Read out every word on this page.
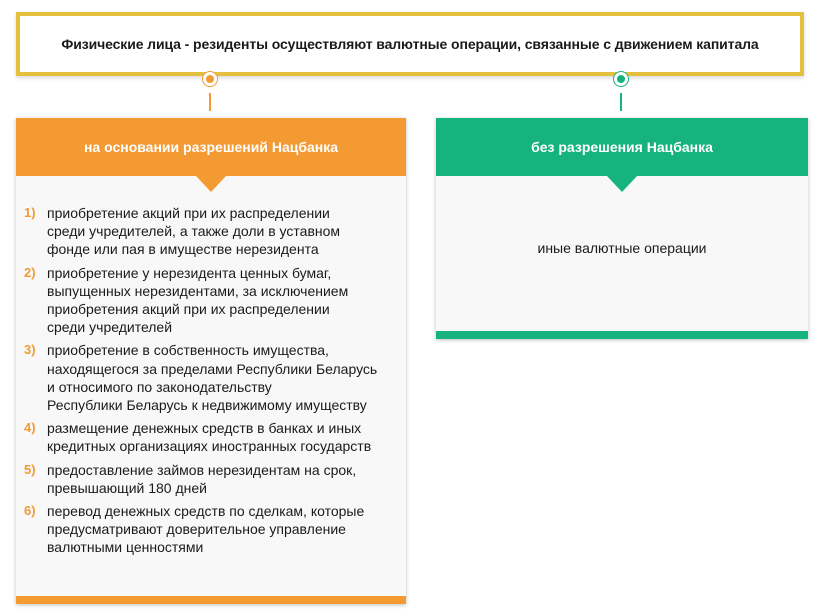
Физические лица - резиденты осуществляют валютные операции, связанные с движением капитала
на основании разрешений Нацбанка
1) приобретение акций при их распределении
среди учредителей, а также доли в уставном
фонде или пая в имуществе нерезидента
2) приобретение у нерезидента ценных бумаг,
выпущенных нерезидентами, за исключением
приобретения акций при их распределении
среди учредителей
3) приобретение в собственность имущества,
находящегося за пределами Республики Беларусь
и относимого по законодательству
Республики Беларусь к недвижимому имуществу
4) размещение денежных средств в банках и иных
кредитных организациях иностранных государств
5) предоставление займов нерезидентам на срок,
превышающий 180 дней
6) перевод денежных средств по сделкам, которые
предусматривают доверительное управление
валютными ценностями
без разрешения Нацбанка
иные валютные операции
